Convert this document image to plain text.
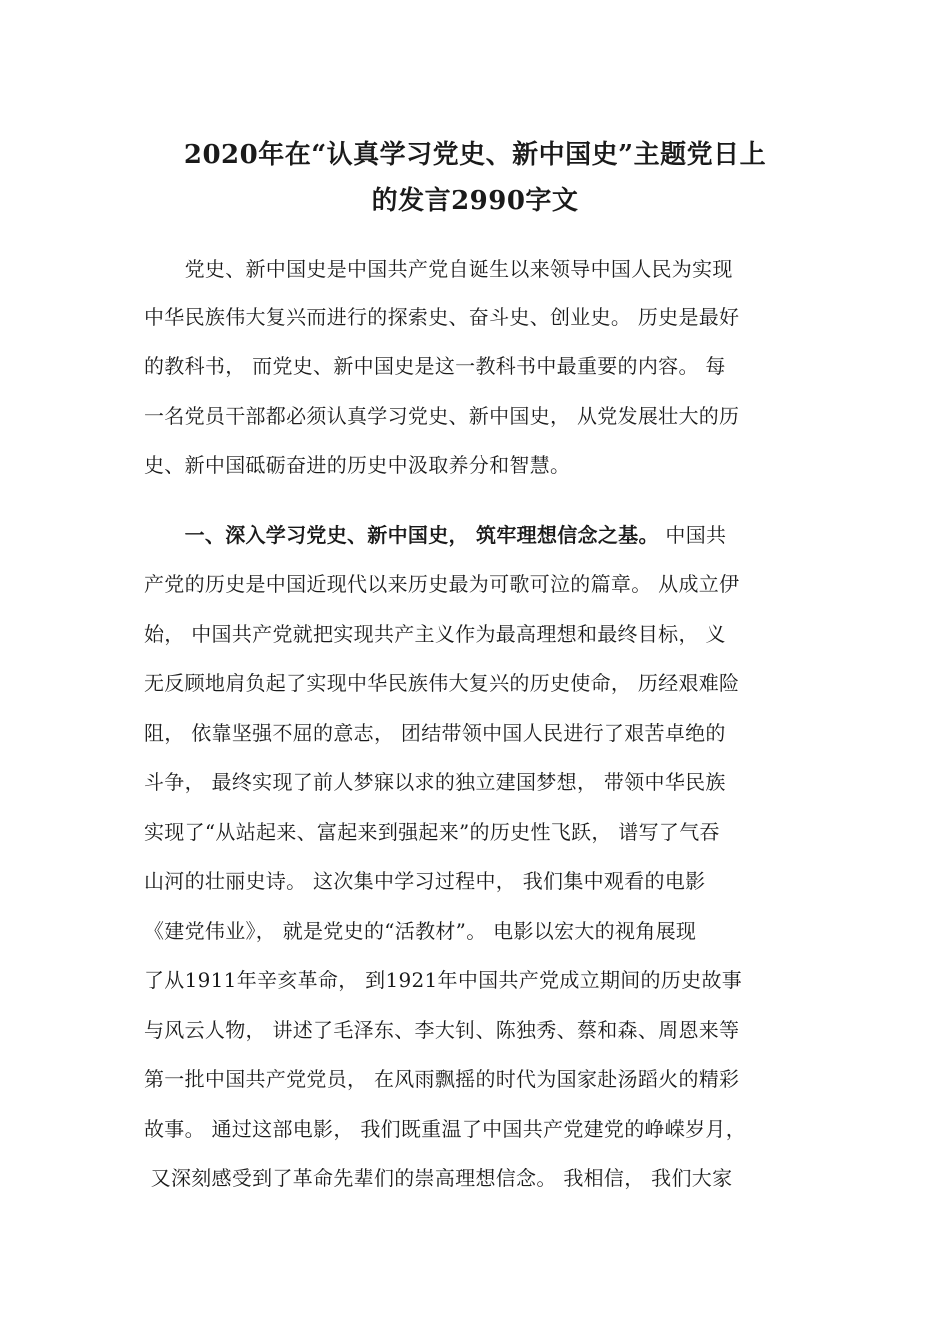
2020年在“认真学习党史、新中国史”主题党日上
的发言2990字文
　　党史、新中国史是中国共产党自诞生以来领导中国人民为实现
中华民族伟大复兴而进行的探索史、奋斗史、创业史。 历史是最好
的教科书， 而党史、新中国史是这一教科书中最重要的内容。 每
一名党员干部都必须认真学习党史、新中国史， 从党发展壮大的历
史、新中国砥砺奋进的历史中汲取养分和智慧。
　　一、深入学习党史、新中国史， 筑牢理想信念之基。 中国共
产党的历史是中国近现代以来历史最为可歌可泣的篇章。 从成立伊
始， 中国共产党就把实现共产主义作为最高理想和最终目标， 义
无反顾地肩负起了实现中华民族伟大复兴的历史使命， 历经艰难险
阻， 依靠坚强不屈的意志， 团结带领中国人民进行了艰苦卓绝的
斗争， 最终实现了前人梦寐以求的独立建国梦想， 带领中华民族
实现了“从站起来、富起来到强起来”的历史性飞跃， 谱写了气吞
山河的壮丽史诗。 这次集中学习过程中， 我们集中观看的电影
《建党伟业》， 就是党史的“活教材”。 电影以宏大的视角展现
了从1911年辛亥革命， 到1921年中国共产党成立期间的历史故事
与风云人物， 讲述了毛泽东、李大钊、陈独秀、蔡和森、周恩来等
第一批中国共产党党员， 在风雨飘摇的时代为国家赴汤蹈火的精彩
故事。 通过这部电影， 我们既重温了中国共产党建党的峥嵘岁月，
又深刻感受到了革命先辈们的崇高理想信念。 我相信， 我们大家
